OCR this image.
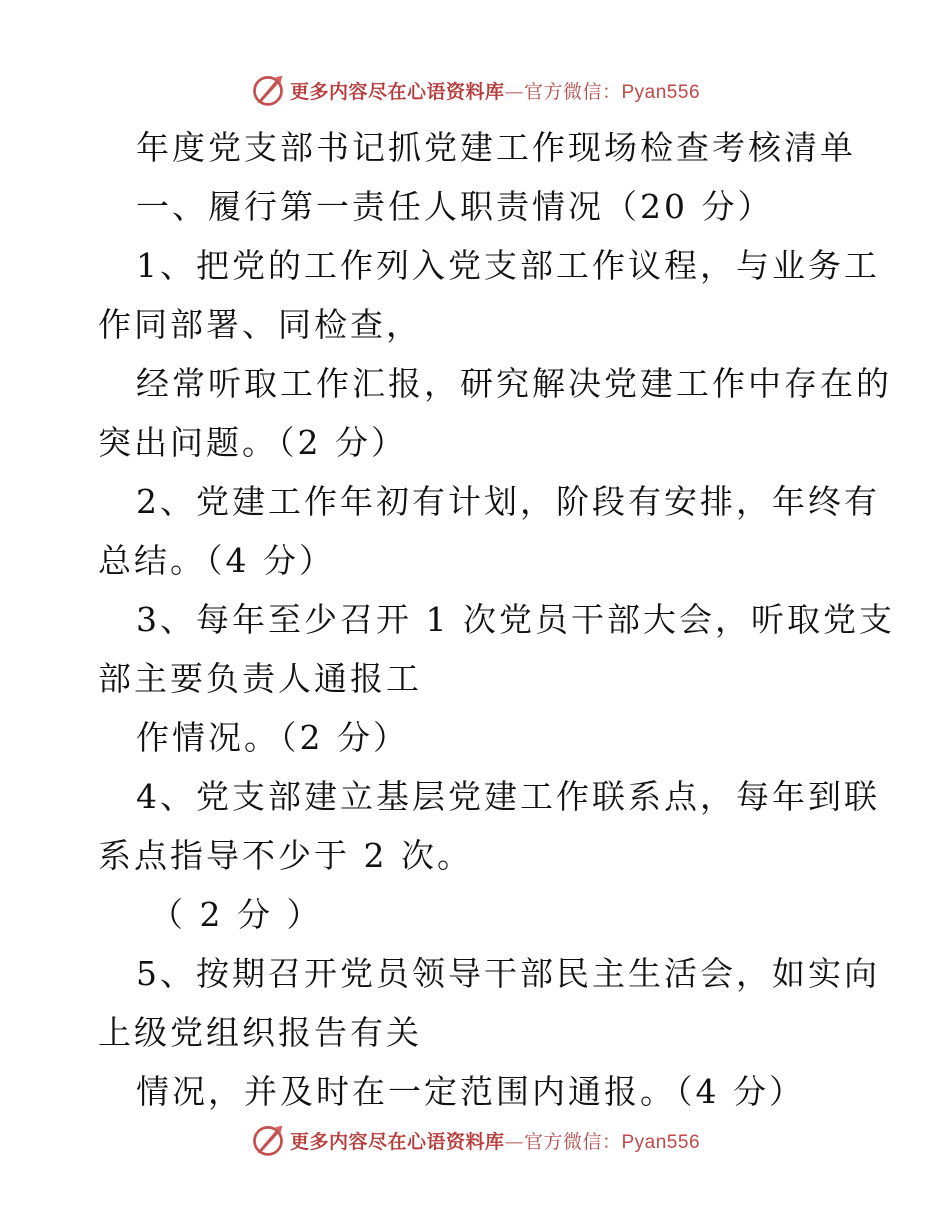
更多内容尽在心语资料库—官方微信：Pyan556
年度党支部书记抓党建工作现场检查考核清单
一、履行第一责任人职责情况（20 分）
1、把党的工作列入党支部工作议程，与业务工
作同部署、同检查，
经常听取工作汇报，研究解决党建工作中存在的
突出问题。（2 分）
2、党建工作年初有计划，阶段有安排，年终有
总结。（4 分）
3、每年至少召开 1 次党员干部大会，听取党支
部主要负责人通报工
作情况。（2 分）
4、党支部建立基层党建工作联系点，每年到联
系点指导不少于 2 次。
（ 2 分 ）
5、按期召开党员领导干部民主生活会，如实向
上级党组织报告有关
情况，并及时在一定范围内通报。（4 分）
更多内容尽在心语资料库—官方微信：Pyan556
